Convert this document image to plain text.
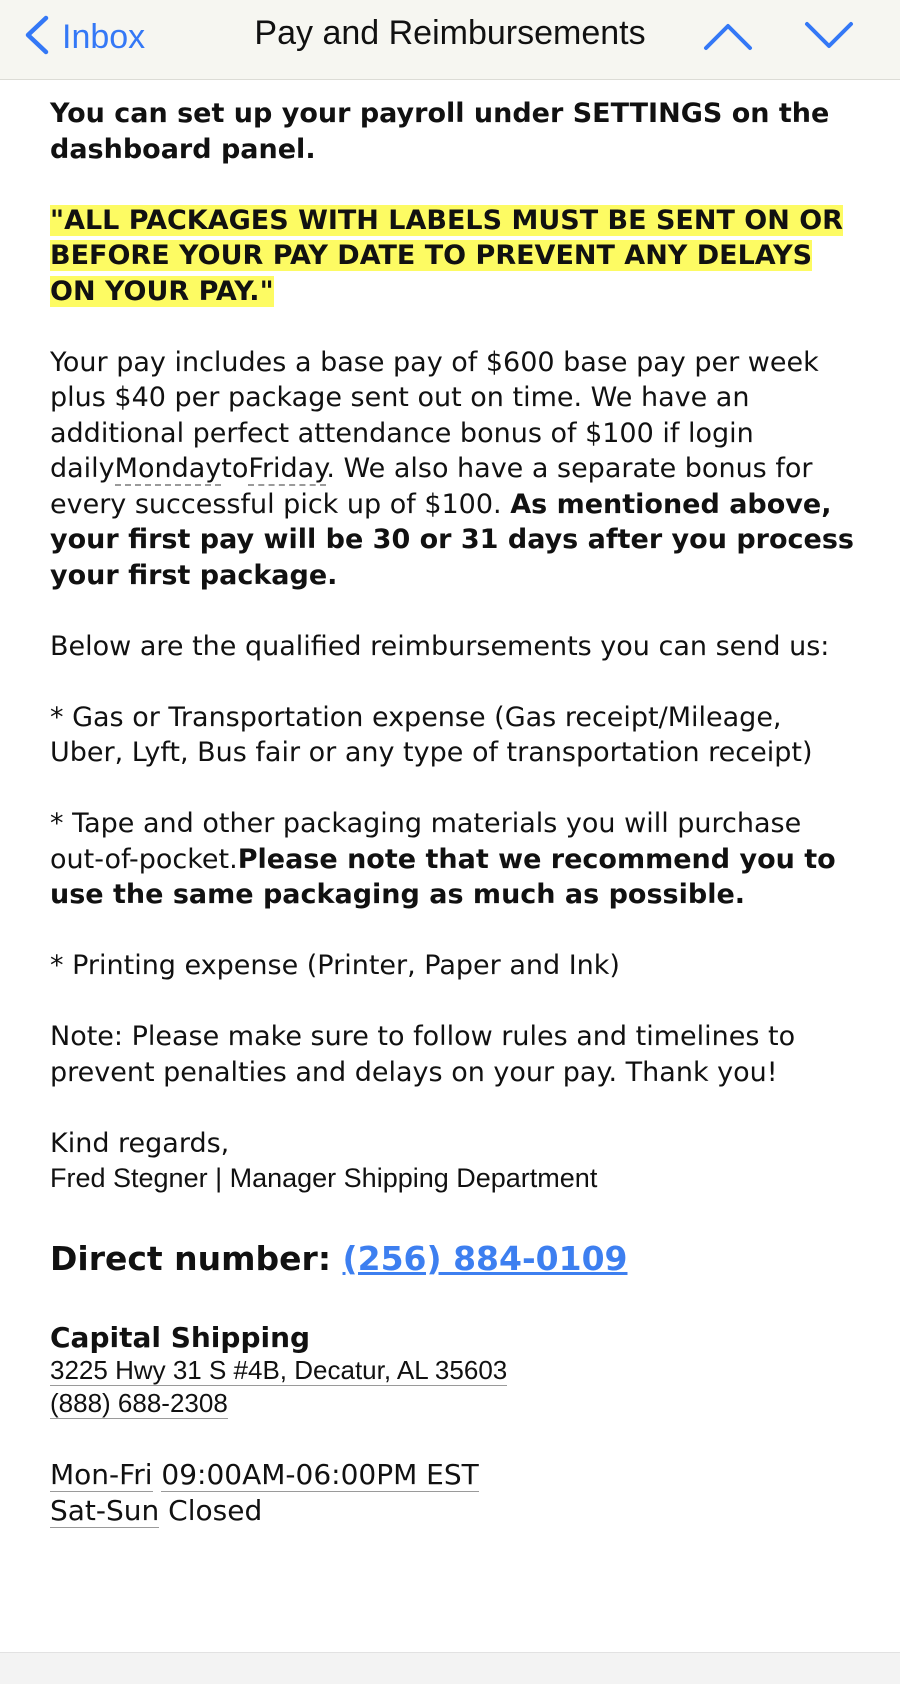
Inbox	Pay and Reimbursements
You can set up your payroll under SETTINGS on the dashboard panel.
"ALL PACKAGES WITH LABELS MUST BE SENT ON OR BEFORE YOUR PAY DATE TO PREVENT ANY DELAYS ON YOUR PAY."
Your pay includes a base pay of $600 base pay per week plus $40 per package sent out on time. We have an additional perfect attendance bonus of $100 if login dailyMondaytoFriday. We also have a separate bonus for every successful pick up of $100. As mentioned above, your first pay will be 30 or 31 days after you process your first package.
Below are the qualified reimbursements you can send us:
* Gas or Transportation expense (Gas receipt/Mileage, Uber, Lyft, Bus fair or any type of transportation receipt)
* Tape and other packaging materials you will purchase out-of-pocket.Please note that we recommend you to use the same packaging as much as possible.
* Printing expense (Printer, Paper and Ink)
Note: Please make sure to follow rules and timelines to prevent penalties and delays on your pay. Thank you!
Kind regards,
Fred Stegner | Manager Shipping Department
Direct number: (256) 884-0109
Capital Shipping
3225 Hwy 31 S #4B, Decatur, AL 35603
(888) 688-2308
Mon-Fri 09:00AM-06:00PM EST
Sat-Sun Closed
